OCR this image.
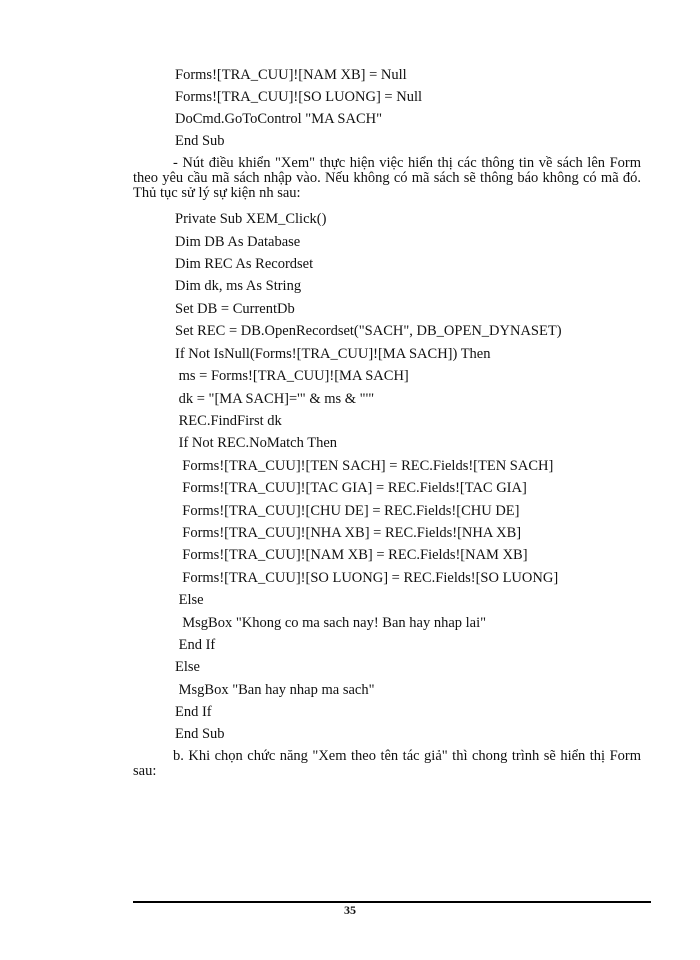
Forms![TRA_CUU]![NAM XB] = Null
Forms![TRA_CUU]![SO LUONG] = Null
DoCmd.GoToControl "MA SACH"
End Sub
- Nút điều khiển "Xem" thực hiện việc hiển thị các thông tin về sách lên Form theo yêu cầu mã sách nhập vào. Nếu không có mã sách sẽ thông báo không có mã đó. Thủ tục sử lý sự kiện nh sau:
Private Sub XEM_Click()
Dim DB As Database
Dim REC As Recordset
Dim dk, ms As String
Set DB = CurrentDb
Set REC = DB.OpenRecordset("SACH", DB_OPEN_DYNASET)
If Not IsNull(Forms![TRA_CUU]![MA SACH]) Then
ms = Forms![TRA_CUU]![MA SACH]
dk = "[MA SACH]='" & ms & "'"
REC.FindFirst dk
If Not REC.NoMatch Then
Forms![TRA_CUU]![TEN SACH] = REC.Fields![TEN SACH]
Forms![TRA_CUU]![TAC GIA] = REC.Fields![TAC GIA]
Forms![TRA_CUU]![CHU DE] = REC.Fields![CHU DE]
Forms![TRA_CUU]![NHA XB] = REC.Fields![NHA XB]
Forms![TRA_CUU]![NAM XB] = REC.Fields![NAM XB]
Forms![TRA_CUU]![SO LUONG] = REC.Fields![SO LUONG]
Else
MsgBox "Khong co ma sach nay! Ban hay nhap lai"
End If
Else
MsgBox "Ban hay nhap ma sach"
End If
End Sub
b. Khi chọn chức năng "Xem theo tên tác giả" thì chong trình sẽ hiển thị Form sau:
35
